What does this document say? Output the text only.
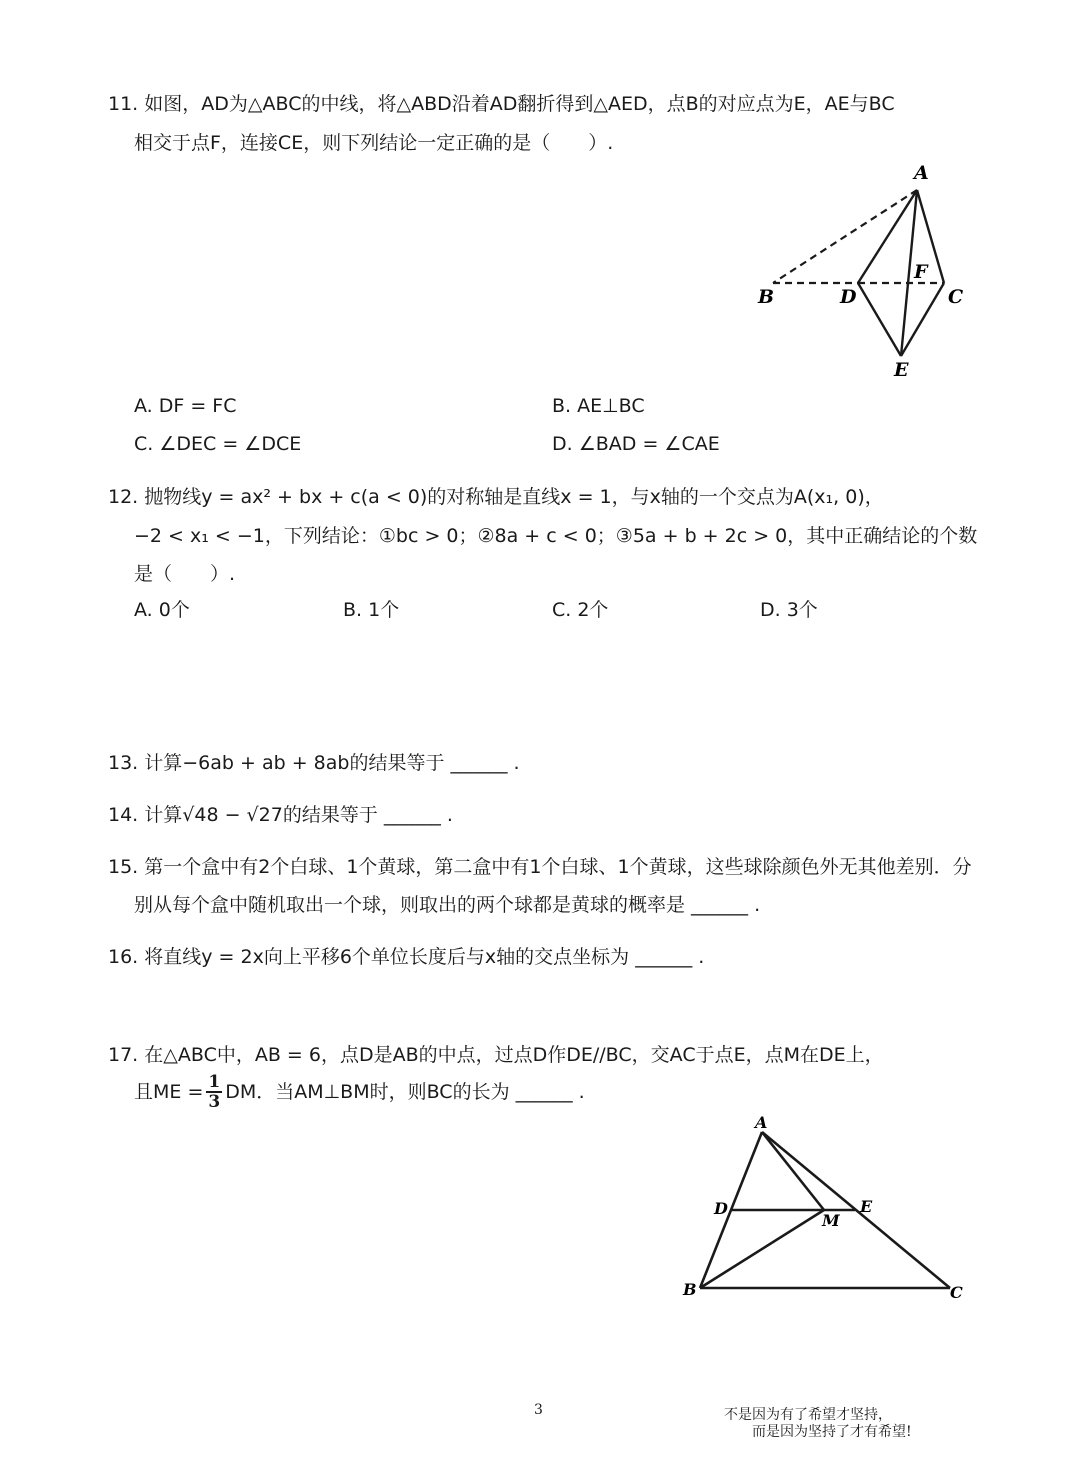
11. 如图，AD为△ABC的中线，将△ABD沿着AD翻折得到△AED，点B的对应点为E，AE与BC
相交于点F，连接CE，则下列结论一定正确的是（　　）.
A
B	C
D
E
F
A. DF = FC	B. AE⊥BC
C. ∠DEC = ∠DCE	D. ∠BAD = ∠CAE
12. 抛物线y = ax² + bx + c(a < 0)的对称轴是直线x = 1，与x轴的一个交点为A(x₁, 0)，
−2 < x₁ < −1，下列结论：①bc > 0；②8a + c < 0；③5a + b + 2c > 0，其中正确结论的个数
是（　　）.
A. 0个	B. 1个	C. 2个	D. 3个
13. 计算−6ab + ab + 8ab的结果等于 ______ .
14. 计算√48 − √27的结果等于 ______ .
15. 第一个盒中有2个白球、1个黄球，第二盒中有1个白球、1个黄球，这些球除颜色外无其他差别．分
别从每个盒中随机取出一个球，则取出的两个球都是黄球的概率是 ______ .
16. 将直线y = 2x向上平移6个单位长度后与x轴的交点坐标为 ______ .
17. 在△ABC中，AB = 6，点D是AB的中点，过点D作DE//BC，交AC于点E，点M在DE上，
且ME = $\frac{1}{3}$ DM．当AM⊥BM时，则BC的长为 ______ .
A
B	C
D	E
M
3	不是因为有了希望才坚持，
而是因为坚持了才有希望!
